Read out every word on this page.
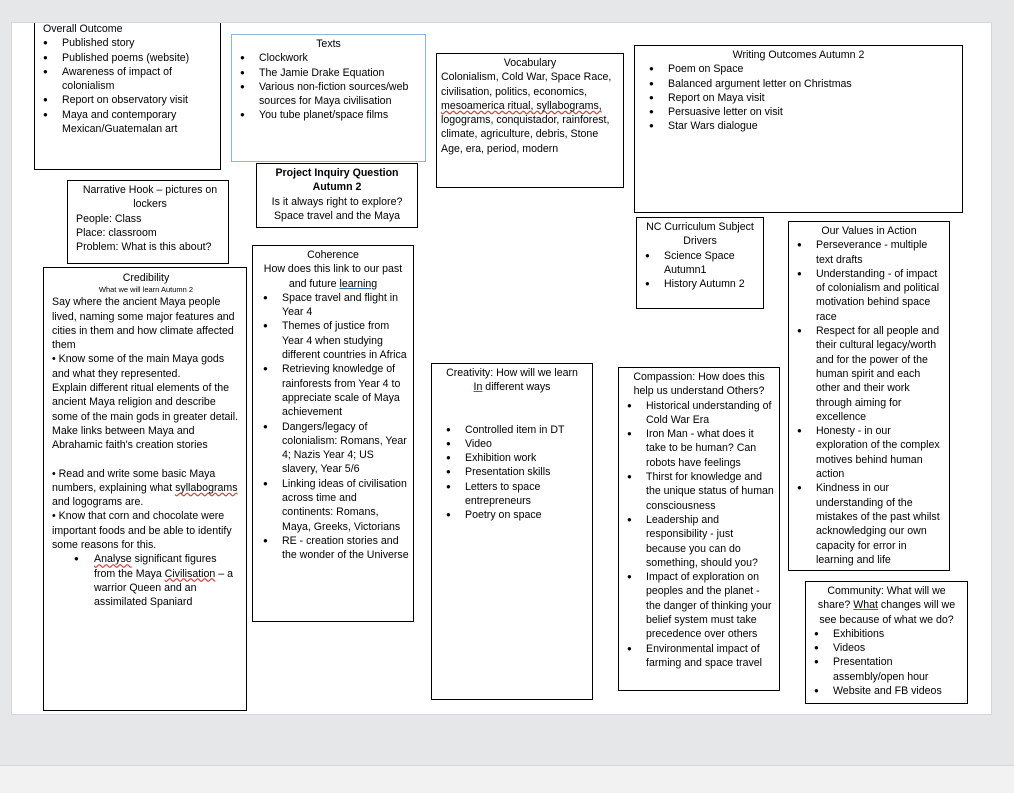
Overall Outcome

● Published story
● Published poems (website)
● Awareness of impact of colonialism
● Report on observatory visit
● Maya and contemporary Mexican/Guatemalan art

Texts

● Clockwork
● The Jamie Drake Equation
● Various non-fiction sources/web sources for Maya civilisation
● You tube planet/space films

Vocabulary

Colonialism, Cold War, Space Race, civilisation, politics, economics, mesoamerica ritual, syllabograms, logograms, conquistador, rainforest, climate, agriculture, debris, Stone Age, era, period, modern

Writing Outcomes Autumn 2

● Poem on Space
● Balanced argument letter on Christmas
● Report on Maya visit
● Persuasive letter on visit
● Star Wars dialogue

Narrative Hook – pictures on lockers

People: Class

Place: classroom

Problem: What is this about?

Project Inquiry Question Autumn 2

Is it always right to explore? Space travel and the Maya

NC Curriculum Subject Drivers

● Science Space Autumn1
● History Autumn 2

Our Values in Action

● Perseverance - multiple text drafts
● Understanding - of impact of colonialism and political motivation behind space race
● Respect for all people and their cultural legacy/worth and for the power of the human spirit and each other and their work through aiming for excellence
● Honesty - in our exploration of the complex motives behind human action
● Kindness in our understanding of the mistakes of the past whilst acknowledging our own capacity for error in learning and life

Credibility

What we will learn Autumn 2

Say where the ancient Maya people lived, naming some major features and cities in them and how climate affected them

• Know some of the main Maya gods and what they represented.

Explain different ritual elements of the ancient Maya religion and describe some of the main gods in greater detail.

Make links between Maya and Abrahamic faith's creation stories

• Read and write some basic Maya numbers, explaining what syllabograms and logograms are.

• Know that corn and chocolate were important foods and be able to identify some reasons for this.

● Analyse significant figures from the Maya Civilisation – a warrior Queen and an assimilated Spaniard

Coherence

How does this link to our past and future learning

● Space travel and flight in Year 4
● Themes of justice from Year 4 when studying different countries in Africa
● Retrieving knowledge of rainforests from Year 4 to appreciate scale of Maya achievement
● Dangers/legacy of colonialism: Romans, Year 4; Nazis Year 4; US slavery, Year 5/6
● Linking ideas of civilisation across time and continents: Romans, Maya, Greeks, Victorians
● RE - creation stories and the wonder of the Universe

Creativity: How will we learn
In different ways

● Controlled item in DT
● Video
● Exhibition work
● Presentation skills
● Letters to space entrepreneurs
● Poetry on space

Compassion: How does this help us understand Others?

● Historical understanding of Cold War Era
● Iron Man - what does it take to be human? Can robots have feelings
● Thirst for knowledge and the unique status of human consciousness
● Leadership and responsibility - just because you can do something, should you?
● Impact of exploration on peoples and the planet - the danger of thinking your belief system must take precedence over others
● Environmental impact of farming and space travel

Community: What will we share? What changes will we see because of what we do?

● Exhibitions
● Videos
● Presentation assembly/open hour
● Website and FB videos
